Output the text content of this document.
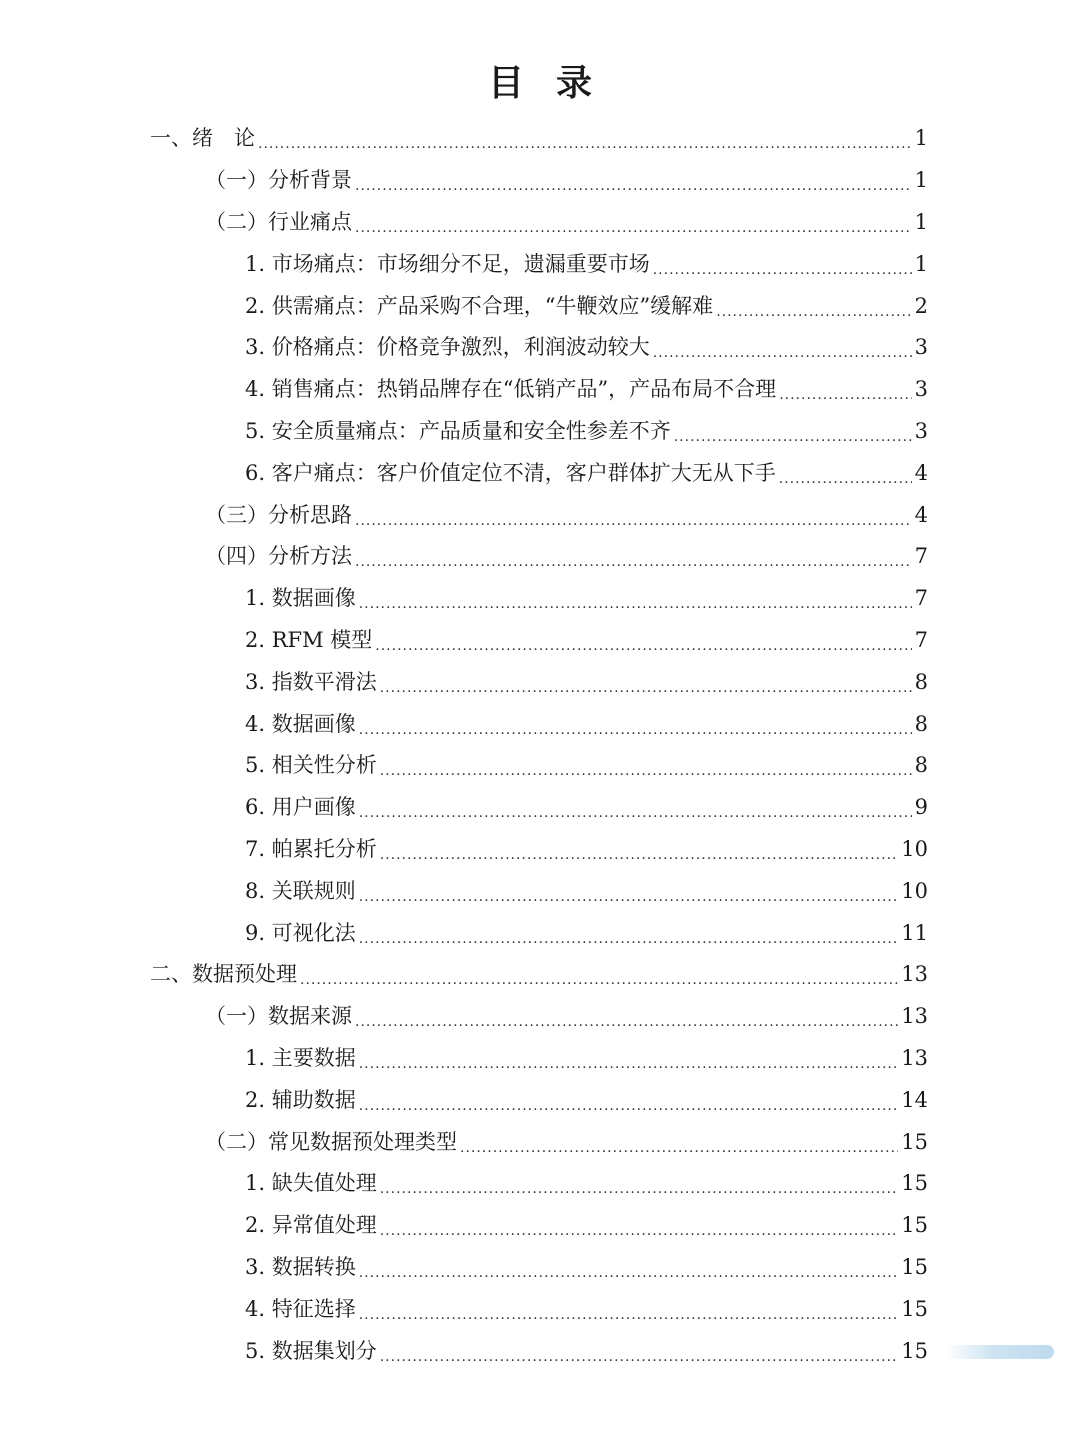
目 录
一、绪　论 .....	1
（一）分析背景 .....	1
（二）行业痛点 .....	1
1. 市场痛点：市场细分不足，遗漏重要市场 .....	1
2. 供需痛点：产品采购不合理，“牛鞭效应”缓解难 .....	2
3. 价格痛点：价格竞争激烈，利润波动较大 .....	3
4. 销售痛点：热销品牌存在“低销产品”，产品布局不合理 .....	3
5. 安全质量痛点：产品质量和安全性参差不齐 .....	3
6. 客户痛点：客户价值定位不清，客户群体扩大无从下手 .....	4
（三）分析思路 .....	4
（四）分析方法 .....	7
1. 数据画像 .....	7
2. RFM 模型 .....	7
3. 指数平滑法 .....	8
4. 数据画像 .....	8
5. 相关性分析 .....	8
6. 用户画像 .....	9
7. 帕累托分析 .....	10
8. 关联规则 .....	10
9. 可视化法 .....	11
二、数据预处理 .....	13
（一）数据来源 .....	13
1. 主要数据 .....	13
2. 辅助数据 .....	14
（二）常见数据预处理类型 .....	15
1. 缺失值处理 .....	15
2. 异常值处理 .....	15
3. 数据转换 .....	15
4. 特征选择 .....	15
5. 数据集划分 .....	15
